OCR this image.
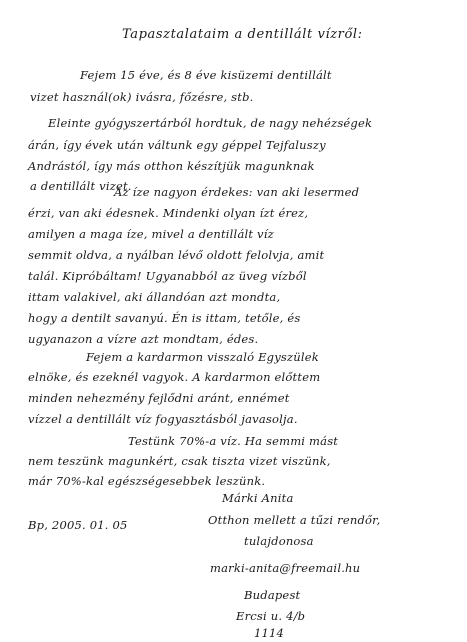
Tapasztalataim a dentillált vízről:
Fejem 15 éve, és 8 éve kisüzemi dentillált
vizet használ(ok) ivásra, főzésre, stb.
Eleinte gyógyszertárból hordtuk, de nagy nehézségek
árán, így évek után váltunk egy géppel Tejfaluszy
Andrástól, így más otthon készítjük magunknak
a dentillált vizet.
Az íze nagyon érdekes: van aki lesermed
érzi, van aki édesnek. Mindenki olyan ízt érez,
amilyen a maga íze, mivel a dentillált víz
semmit oldva, a nyálban lévő oldott felolvja, amit
talál. Kipróbáltam! Ugyanabból az üveg vízből
ittam valakivel, aki állandóan azt mondta,
hogy a dentilt savanyú. Én is ittam, tetőle, és
ugyanazon a vízre azt mondtam, édes.
Fejem a kardarmon visszaló Egyszülek
elnöke, és ezeknél vagyok. A kardarmon előttem
minden nehezmény fejlődni aránt, ennémet
vízzel a dentillált víz fogyasztásból javasolja.
Testünk 70%-a víz. Ha semmi mást
nem teszünk magunkért, csak tiszta vizet viszünk,
már 70%-kal egészségesebbek leszünk.
Bp, 2005. 01. 05
Márki Anita
Otthon mellett a tűzi rendőr,
tulajdonosa
marki-anita@freemail.hu
Budapest
Ercsi u. 4/b
1114
